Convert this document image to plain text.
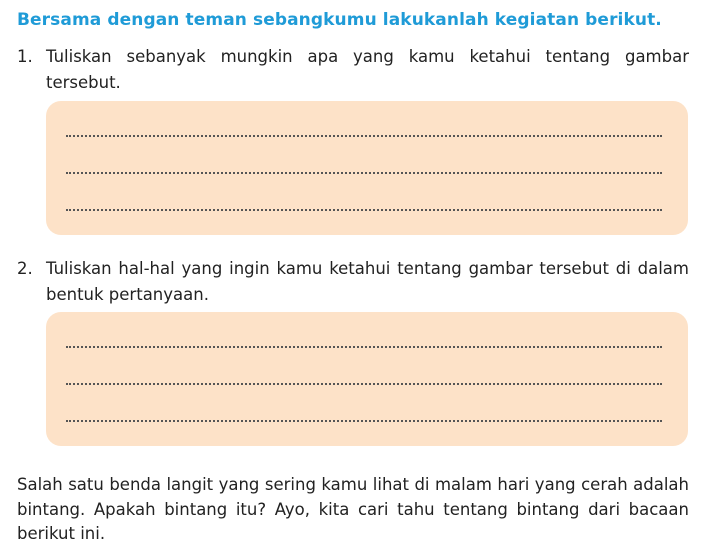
Bersama dengan teman sebangkumu lakukanlah kegiatan berikut.
1. Tuliskan sebanyak mungkin apa yang kamu ketahui tentang gambar tersebut.
2. Tuliskan hal-hal yang ingin kamu ketahui tentang gambar tersebut di dalam bentuk pertanyaan.
Salah satu benda langit yang sering kamu lihat di malam hari yang cerah adalah bintang. Apakah bintang itu? Ayo, kita cari tahu tentang bintang dari bacaan berikut ini.
